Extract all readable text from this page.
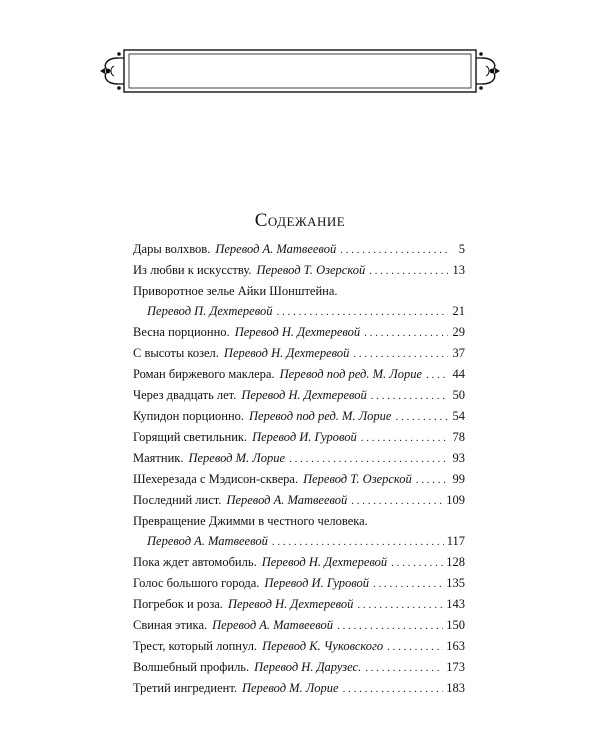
Содежание
Дары волхвов. Перевод А. Матвеевой . . .	5
Из любви к искусству. Перевод Т. Озерской . . .	13
Приворотное зелье Айки Шонштейна.
Перевод П. Дехтеревой . . .	21
Весна порционно. Перевод Н. Дехтеревой . . .	29
С высоты козел. Перевод Н. Дехтеревой . . .	37
Роман биржевого маклера. Перевод под ред. М. Лорие . . . 44
Через двадцать лет. Перевод Н. Дехтеревой . . .	50
Купидон порционно. Перевод под ред. М. Лорие . . .	54
Горящий светильник. Перевод И. Гуровой . . .	78
Маятник. Перевод М. Лорие . . .	93
Шехерезада с Мэдисон-сквера. Перевод Т. Озерской . . .	99
Последний лист. Перевод А. Матвеевой . . .	109
Превращение Джимми в честного человека.
Перевод А. Матвеевой . . .	117
Пока ждет автомобиль. Перевод Н. Дехтеревой . . .	128
Голос большого города. Перевод И. Гуровой . . .	135
Погребок и роза. Перевод Н. Дехтеревой . . .	143
Свиная этика. Перевод А. Матвеевой . . .	150
Трест, который лопнул. Перевод К. Чуковского . . .	163
Волшебный профиль. Перевод Н. Дарузес. . . .	173
Третий ингредиент. Перевод М. Лорие . . .	183
